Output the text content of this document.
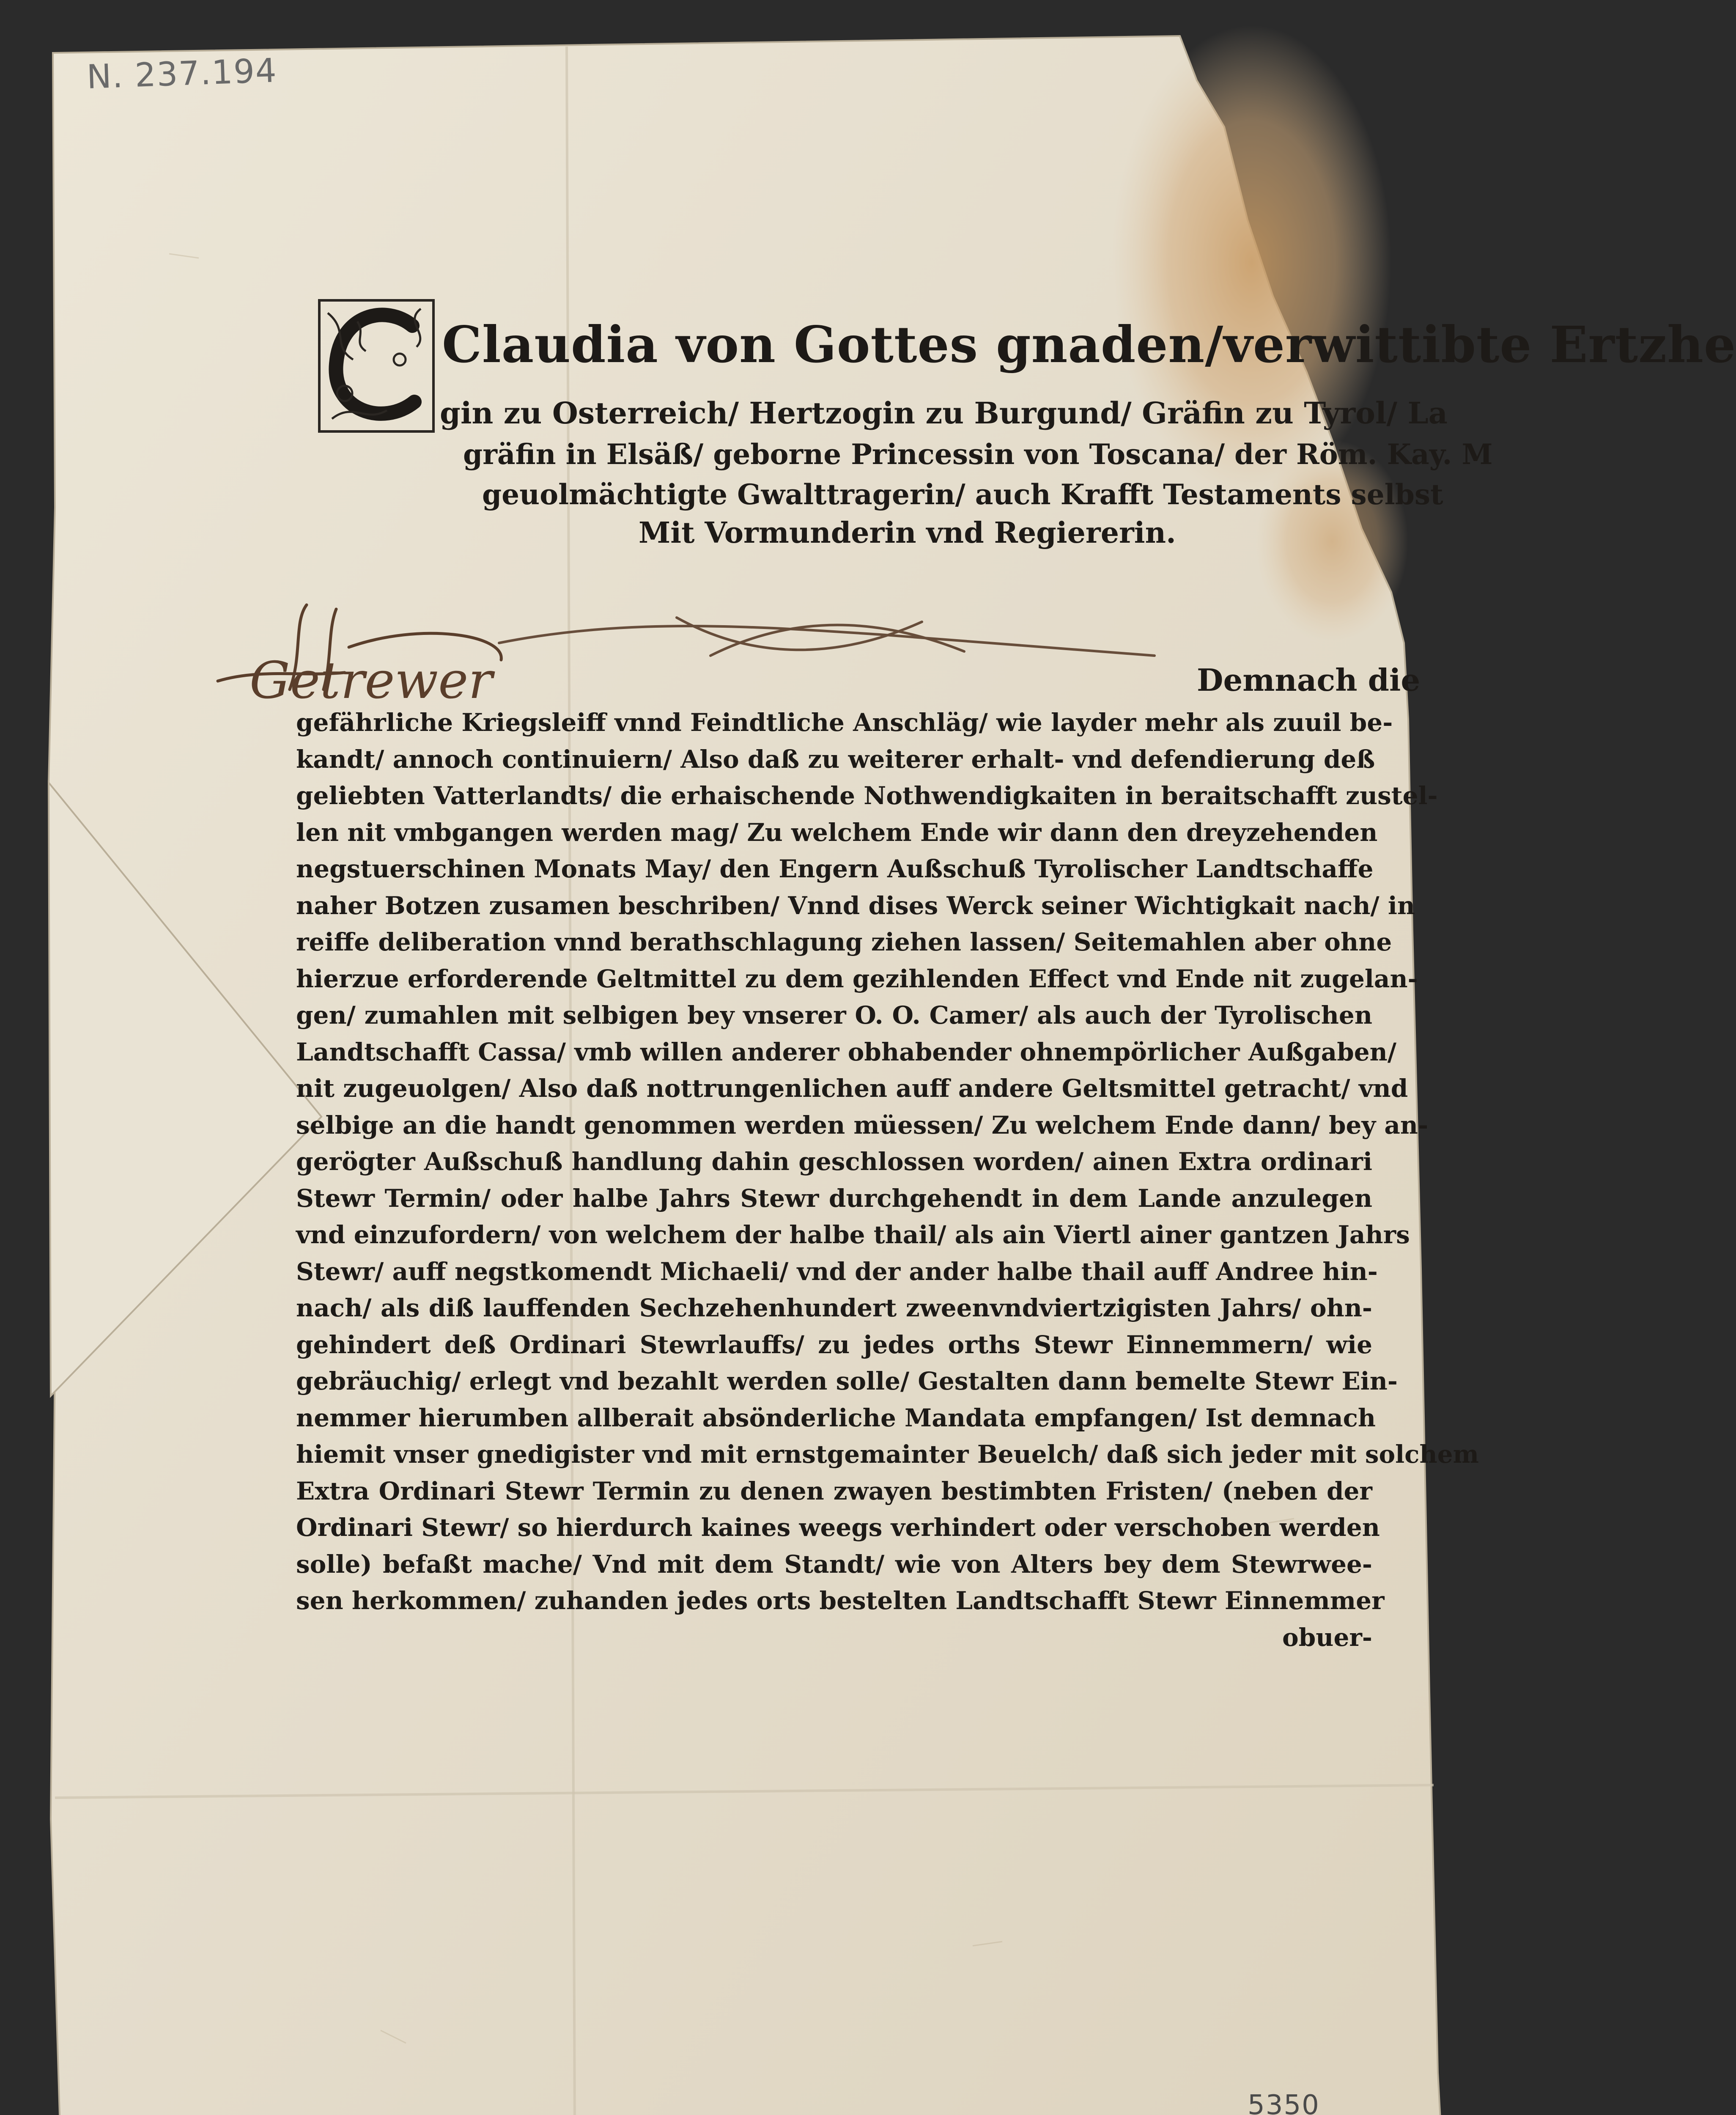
N. 237.194
Claudia von Gottes gnaden/verwittibte Ertzhe
gin zu Osterreich/ Hertzogin zu Burgund/ Gräfin zu Tyrol/ La
gräfin in Elsäß/ geborne Princessin von Toscana/ der Röm. Kay. M
geuolmächtigte Gwalttragerin/ auch Krafft Testaments selbst
Mit Vormunderin vnd Regiererin.
Getrewer	Demnach die
gefährliche Kriegsleiff vnnd Feindtliche Anschläg/ wie layder mehr als zuuil be-
kandt/ annoch continuiern/ Also daß zu weiterer erhalt- vnd defendierung deß
geliebten Vatterlandts/ die erhaischende Nothwendigkaiten in beraitschafft zustel-
len nit vmbgangen werden mag/ Zu welchem Ende wir dann den dreyzehenden
negstuerschinen Monats May/ den Engern Außschuß Tyrolischer Landtschaffe
naher Botzen zusamen beschriben/ Vnnd dises Werck seiner Wichtigkait nach/ in
reiffe deliberation vnnd berathschlagung ziehen lassen/ Seitemahlen aber ohne
hierzue erforderende Geltmittel zu dem gezihlenden Effect vnd Ende nit zugelan-
gen/ zumahlen mit selbigen bey vnserer O. O. Camer/ als auch der Tyrolischen
Landtschafft Cassa/ vmb willen anderer obhabender ohnempörlicher Außgaben/
nit zugeuolgen/ Also daß nottrungenlichen auff andere Geltsmittel getracht/ vnd
selbige an die handt genommen werden müessen/ Zu welchem Ende dann/ bey an-
gerögter Außschuß handlung dahin geschlossen worden/ ainen Extra ordinari
Stewr Termin/ oder halbe Jahrs Stewr durchgehendt in dem Lande anzulegen
vnd einzufordern/ von welchem der halbe thail/ als ain Viertl ainer gantzen Jahrs
Stewr/ auff negstkomendt Michaeli/ vnd der ander halbe thail auff Andree hin-
nach/ als diß lauffenden Sechzehenhundert zweenvndviertzigisten Jahrs/ ohn-
gehindert deß Ordinari Stewrlauffs/ zu jedes orths Stewr Einnemmern/ wie
gebräuchig/ erlegt vnd bezahlt werden solle/ Gestalten dann bemelte Stewr Ein-
nemmer hierumben allberait absönderliche Mandata empfangen/ Ist demnach
hiemit vnser gnedigister vnd mit ernstgemainter Beuelch/ daß sich jeder mit solchem
Extra Ordinari Stewr Termin zu denen zwayen bestimbten Fristen/ (neben der
Ordinari Stewr/ so hierdurch kaines weegs verhindert oder verschoben werden
solle) befaßt mache/ Vnd mit dem Standt/ wie von Alters bey dem Stewrwee-
sen herkommen/ zuhanden jedes orts bestelten Landtschafft Stewr Einnemmer
obuer-
5350
